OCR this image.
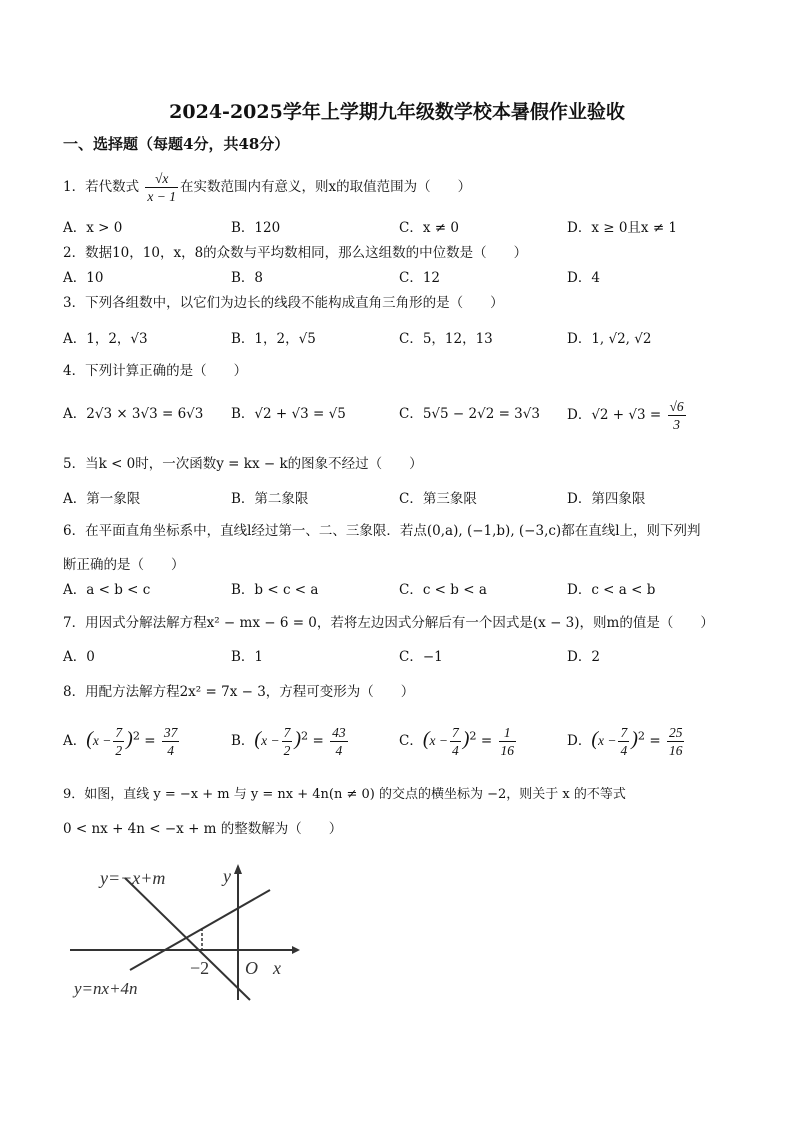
2024-2025学年上学期九年级数学校本暑假作业验收
一、选择题（每题4分，共48分）
1．若代数式 $\frac{√x}{x - 1}$ 在实数范围内有意义，则x的取值范围为（　　）
A．x > 0	B．120	C．x ≠ 0	D．x ≥ 0且x ≠ 1
2．数据10，10，x，8的众数与平均数相同，那么这组数的中位数是（　　）
A．10	B．8	C．12	D．4
3．下列各组数中，以它们为边长的线段不能构成直角三角形的是（　　）
A．1，2，√3	B．1，2，√5	C．5，12，13	D．1, √2, √2
4．下列计算正确的是（　　）
A．2√3 × 3√3 = 6√3 B．√2 + √3 = √5	C．5√5 − 2√2 = 3√3 D．$√2 + √3 = \frac{√6}{3}$
5．当k < 0时，一次函数y = kx − k的图象不经过（　　）
A．第一象限	B．第二象限	C．第三象限	D．第四象限
6．在平面直角坐标系中，直线l经过第一、二、三象限．若点(0,a), (−1,b), (−3,c)都在直线l上，则下列判
断正确的是（　　）
A．a < b < c	B．b < c < a	C．c < b < a	D．c < a < b
7．用因式分解法解方程x² − mx − 6 = 0，若将左边因式分解后有一个因式是(x − 3)，则m的值是（　　）
A．0	B．1	C．−1	D．2
8．用配方法解方程2x² = 7x − 3，方程可变形为（　　）
A．$(x - \frac{7}{2} )^2 = \frac{37}{4}$	B．$(x - \frac{7}{2} )^2 = \frac{43}{4}$	C．$(x - \frac{7}{4} )^2 = \frac{1}{16}$	D．$(x - \frac{7}{4} )^2 = \frac{25}{16}$
9．如图，直线 y = −x + m 与 y = nx + 4n(n ≠ 0) 的交点的横坐标为 −2，则关于 x 的不等式
0 < nx + 4n < −x + m 的整数解为（　　）
y=−x+m
y=nx+4n
y
x
O
−2
